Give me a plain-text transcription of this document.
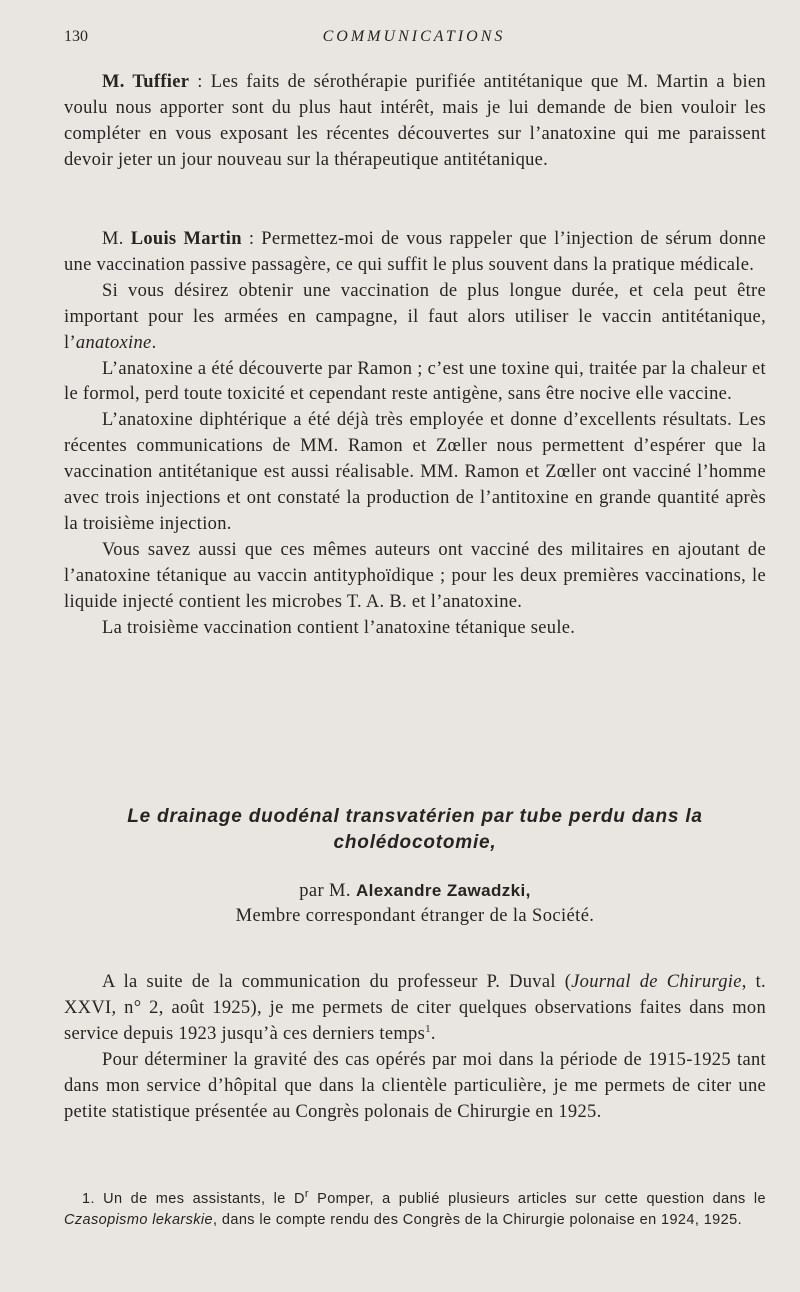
130	COMMUNICATIONS

M. Tuffier : Les faits de sérothérapie purifiée antitétanique que M. Martin a bien voulu nous apporter sont du plus haut intérêt, mais je lui demande de bien vouloir les compléter en vous exposant les récentes découvertes sur l’anatoxine qui me paraissent devoir jeter un jour nouveau sur la thérapeutique antitétanique.

M. Louis Martin : Permettez-moi de vous rappeler que l’injection de sérum donne une vaccination passive passagère, ce qui suffit le plus souvent dans la pratique médicale.

Si vous désirez obtenir une vaccination de plus longue durée, et cela peut être important pour les armées en campagne, il faut alors utiliser le vaccin antitétanique, l’anatoxine.

L’anatoxine a été découverte par Ramon ; c’est une toxine qui, traitée par la chaleur et le formol, perd toute toxicité et cependant reste antigène, sans être nocive elle vaccine.

L’anatoxine diphtérique a été déjà très employée et donne d’excellents résultats. Les récentes communications de MM. Ramon et Zœller nous permettent d’espérer que la vaccination antitétanique est aussi réalisable. MM. Ramon et Zœller ont vacciné l’homme avec trois injections et ont constaté la production de l’antitoxine en grande quantité après la troisième injection.

Vous savez aussi que ces mêmes auteurs ont vacciné des militaires en ajoutant de l’anatoxine tétanique au vaccin antityphoïdique ; pour les deux premières vaccinations, le liquide injecté contient les microbes T. A. B. et l’anatoxine.

La troisième vaccination contient l’anatoxine tétanique seule.

Le drainage duodénal transvatérien par tube perdu dans la cholédocotomie,
par M. Alexandre Zawadzki,
Membre correspondant étranger de la Société.

A la suite de la communication du professeur P. Duval (Journal de Chirurgie, t. XXVI, n° 2, août 1925), je me permets de citer quelques observations faites dans mon service depuis 1923 jusqu’à ces derniers temps$^1$.

Pour déterminer la gravité des cas opérés par moi dans la période de 1915-1925 tant dans mon service d’hôpital que dans la clientèle particulière, je me permets de citer une petite statistique présentée au Congrès polonais de Chirurgie en 1925.

1. Un de mes assistants, le $D^r$ Pomper, a publié plusieurs articles sur cette question dans le Czasopismo lekarskie, dans le compte rendu des Congrès de la Chirurgie polonaise en 1924, 1925.
